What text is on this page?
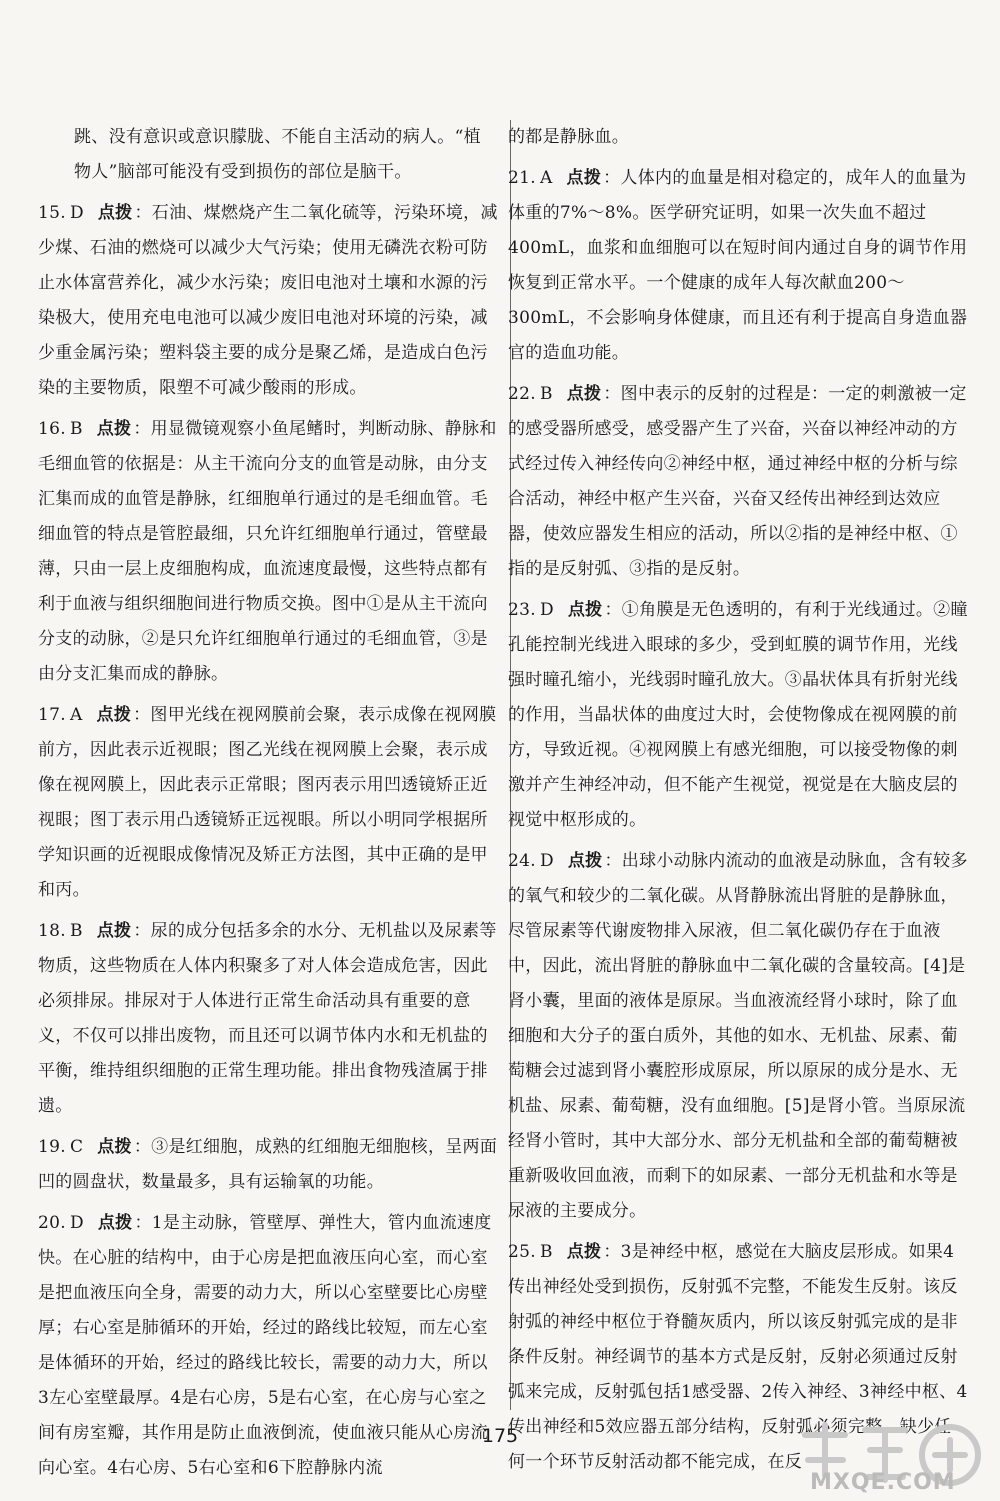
跳、没有意识或意识朦胧、不能自主活动的病人。“植物人”脑部可能没有受到损伤的部位是脑干。
15. D 点拨 ：石油、煤燃烧产生二氧化硫等，污染环境，减少煤、石油的燃烧可以减少大气污染；使用无磷洗衣粉可防止水体富营养化，减少水污染；废旧电池对土壤和水源的污染极大，使用充电电池可以减少废旧电池对环境的污染，减少重金属污染；塑料袋主要的成分是聚乙烯，是造成白色污染的主要物质，限塑不可减少酸雨的形成。
16. B 点拨 ：用显微镜观察小鱼尾鳍时，判断动脉、静脉和毛细血管的依据是：从主干流向分支的血管是动脉，由分支汇集而成的血管是静脉，红细胞单行通过的是毛细血管。毛细血管的特点是管腔最细，只允许红细胞单行通过，管壁最薄，只由一层上皮细胞构成，血流速度最慢，这些特点都有利于血液与组织细胞间进行物质交换。图中①是从主干流向分支的动脉，②是只允许红细胞单行通过的毛细血管，③是由分支汇集而成的静脉。
17. A 点拨 ：图甲光线在视网膜前会聚，表示成像在视网膜前方，因此表示近视眼；图乙光线在视网膜上会聚，表示成像在视网膜上，因此表示正常眼；图丙表示用凹透镜矫正近视眼；图丁表示用凸透镜矫正远视眼。所以小明同学根据所学知识画的近视眼成像情况及矫正方法图，其中正确的是甲和丙。
18. B 点拨 ：尿的成分包括多余的水分、无机盐以及尿素等物质，这些物质在人体内积聚多了对人体会造成危害，因此必须排尿。排尿对于人体进行正常生命活动具有重要的意义，不仅可以排出废物，而且还可以调节体内水和无机盐的平衡，维持组织细胞的正常生理功能。排出食物残渣属于排遗。
19. C 点拨 ：③是红细胞，成熟的红细胞无细胞核，呈两面凹的圆盘状，数量最多，具有运输氧的功能。
20. D 点拨 ：1是主动脉，管壁厚、弹性大，管内血流速度快。在心脏的结构中，由于心房是把血液压向心室，而心室是把血液压向全身，需要的动力大，所以心室壁要比心房壁厚；右心室是肺循环的开始，经过的路线比较短，而左心室是体循环的开始，经过的路线比较长，需要的动力大，所以3左心室壁最厚。4是右心房，5是右心室，在心房与心室之间有房室瓣，其作用是防止血液倒流，使血液只能从心房流向心室。4右心房、5右心室和6下腔静脉内流
的都是静脉血。
21. A 点拨 ：人体内的血量是相对稳定的，成年人的血量为体重的7%～8%。医学研究证明，如果一次失血不超过400mL，血浆和血细胞可以在短时间内通过自身的调节作用恢复到正常水平。一个健康的成年人每次献血200～300mL，不会影响身体健康，而且还有利于提高自身造血器官的造血功能。
22. B 点拨 ：图中表示的反射的过程是：一定的刺激被一定的感受器所感受，感受器产生了兴奋，兴奋以神经冲动的方式经过传入神经传向②神经中枢，通过神经中枢的分析与综合活动，神经中枢产生兴奋，兴奋又经传出神经到达效应器，使效应器发生相应的活动，所以②指的是神经中枢、①指的是反射弧、③指的是反射。
23. D 点拨 ：①角膜是无色透明的，有利于光线通过。②瞳孔能控制光线进入眼球的多少，受到虹膜的调节作用，光线强时瞳孔缩小，光线弱时瞳孔放大。③晶状体具有折射光线的作用，当晶状体的曲度过大时，会使物像成在视网膜的前方，导致近视。④视网膜上有感光细胞，可以接受物像的刺激并产生神经冲动，但不能产生视觉，视觉是在大脑皮层的视觉中枢形成的。
24. D 点拨 ：出球小动脉内流动的血液是动脉血，含有较多的氧气和较少的二氧化碳。从肾静脉流出肾脏的是静脉血，尽管尿素等代谢废物排入尿液，但二氧化碳仍存在于血液中，因此，流出肾脏的静脉血中二氧化碳的含量较高。[4]是肾小囊，里面的液体是原尿。当血液流经肾小球时，除了血细胞和大分子的蛋白质外，其他的如水、无机盐、尿素、葡萄糖会过滤到肾小囊腔形成原尿，所以原尿的成分是水、无机盐、尿素、葡萄糖，没有血细胞。[5]是肾小管。当原尿流经肾小管时，其中大部分水、部分无机盐和全部的葡萄糖被重新吸收回血液，而剩下的如尿素、一部分无机盐和水等是尿液的主要成分。
25. B 点拨 ：3是神经中枢，感觉在大脑皮层形成。如果4传出神经处受到损伤，反射弧不完整，不能发生反射。该反射弧的神经中枢位于脊髓灰质内，所以该反射弧完成的是非条件反射。神经调节的基本方式是反射，反射必须通过反射弧来完成，反射弧包括1感受器、2传入神经、3神经中枢、4传出神经和5效应器五部分结构，反射弧必须完整，缺少任何一个环节反射活动都不能完成，在反
175
MXQE.COM
